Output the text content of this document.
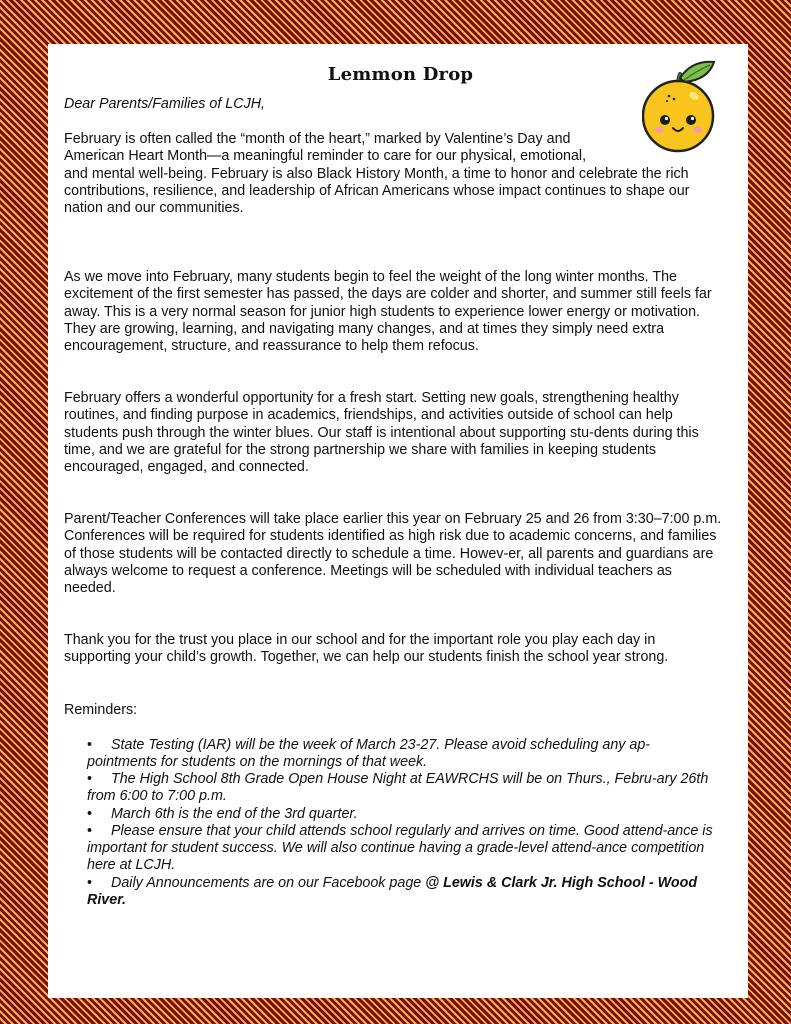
Lemmon Drop

Dear Parents/Families of LCJH,

February is often called the “month of the heart,” marked by Valentine’s Day and
American Heart Month—a meaningful reminder to care for our physical, emotional,
and mental well-being. February is also Black History Month, a time to honor and celebrate the rich contributions, resilience, and leadership of African Americans whose impact continues to shape our nation and our communities.

As we move into February, many students begin to feel the weight of the long winter months. The excitement of the first semester has passed, the days are colder and shorter, and summer still feels far away. This is a very normal season for junior high students to experience lower energy or motivation. They are growing, learning, and navigating many changes, and at times they simply need extra encouragement, structure, and reassurance to help them refocus.

February offers a wonderful opportunity for a fresh start. Setting new goals, strengthening healthy routines, and finding purpose in academics, friendships, and activities outside of school can help students push through the winter blues. Our staff is intentional about supporting stu-dents during this time, and we are grateful for the strong partnership we share with families in keeping students encouraged, engaged, and connected.

Parent/Teacher Conferences will take place earlier this year on February 25 and 26 from 3:30–7:00 p.m. Conferences will be required for students identified as high risk due to academic concerns, and families of those students will be contacted directly to schedule a time. Howev-er, all parents and guardians are always welcome to request a conference. Meetings will be scheduled with individual teachers as needed.

Thank you for the trust you place in our school and for the important role you play each day in supporting your child’s growth. Together, we can help our students finish the school year strong.

Reminders:

• State Testing (IAR) will be the week of March 23-27. Please avoid scheduling any ap-pointments for students on the mornings of that week.
• The High School 8th Grade Open House Night at EAWRCHS will be on Thurs., Febru-ary 26th from 6:00 to 7:00 p.m.
• March 6th is the end of the 3rd quarter.
• Please ensure that your child attends school regularly and arrives on time. Good attend-ance is important for student success. We will also continue having a grade-level attend-ance competition here at LCJH.
• Daily Announcements are on our Facebook page @ Lewis & Clark Jr. High School - Wood River.
